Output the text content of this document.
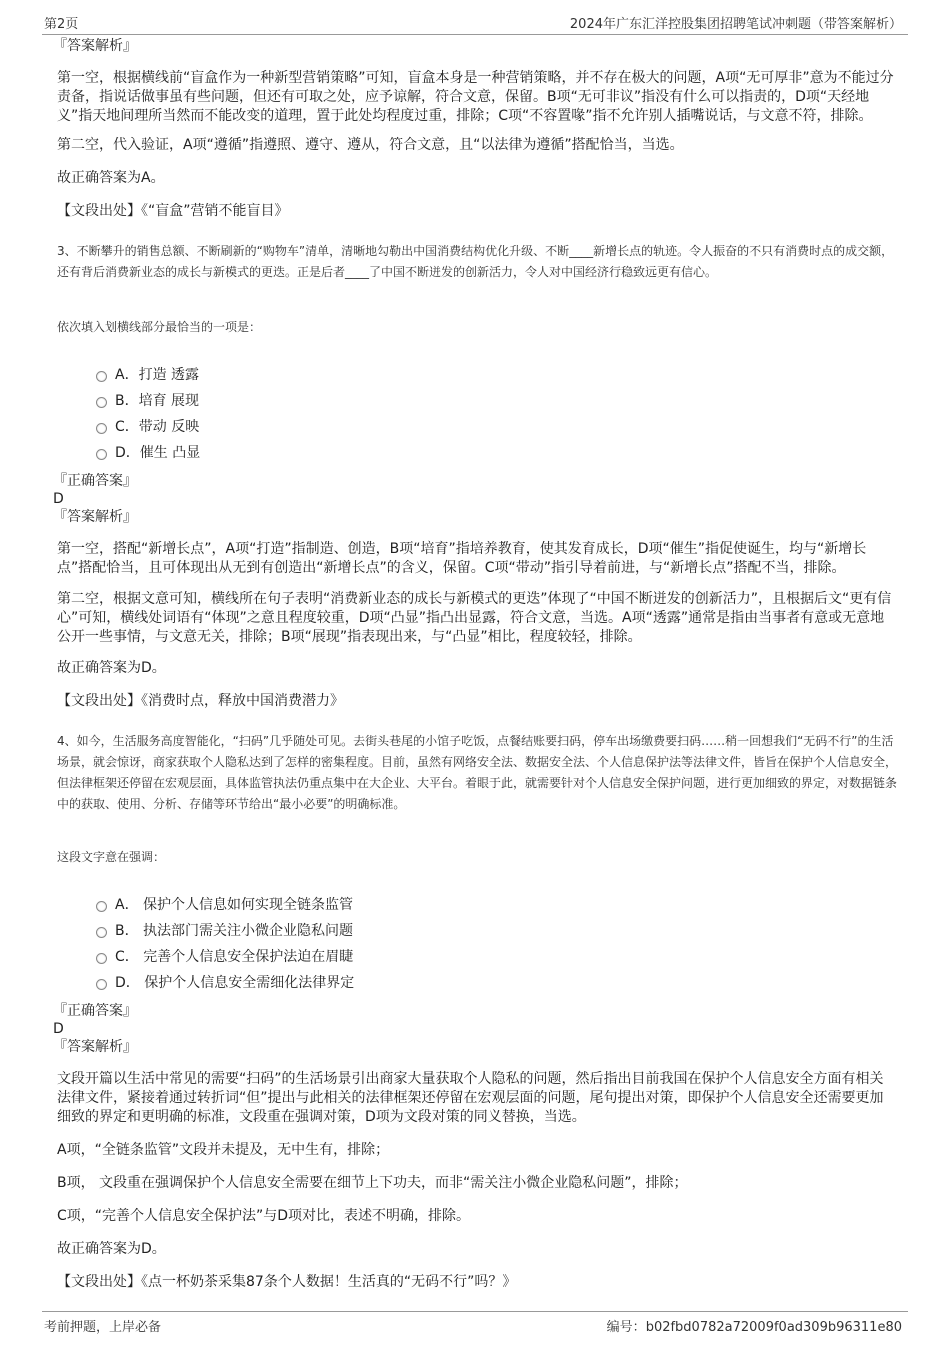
第2页	2024年广东汇洋控股集团招聘笔试冲刺题（带答案解析）
『答案解析』

第一空，根据横线前“盲盒作为一种新型营销策略”可知，盲盒本身是一种营销策略，并不存在极大的问题，A项“无可厚非”意为不能过分责备，指说话做事虽有些问题，但还有可取之处，应予谅解，符合文意，保留。B项“无可非议”指没有什么可以指责的，D项“天经地义”指天地间理所当然而不能改变的道理，置于此处均程度过重，排除；C项“不容置喙”指不允许别人插嘴说话，与文意不符，排除。

第二空，代入验证，A项“遵循”指遵照、遵守、遵从，符合文意，且“以法律为遵循”搭配恰当，当选。

故正确答案为A。

【文段出处】《“盲盒”营销不能盲目》

3、不断攀升的销售总额、不断刷新的“购物车”清单，清晰地勾勒出中国消费结构优化升级、不断____新增长点的轨迹。令人振奋的不只有消费时点的成交额，还有背后消费新业态的成长与新模式的更迭。正是后者____了中国不断迸发的创新活力，令人对中国经济行稳致远更有信心。

依次填入划横线部分最恰当的一项是：

A．打造 透露
B．培育 展现
C．带动 反映
D．催生 凸显
『正确答案』
D
『答案解析』

第一空，搭配“新增长点”，A项“打造”指制造、创造，B项“培育”指培养教育，使其发育成长，D项“催生”指促使诞生，均与“新增长点”搭配恰当，且可体现出从无到有创造出“新增长点”的含义，保留。C项“带动”指引导着前进，与“新增长点”搭配不当，排除。

第二空，根据文意可知，横线所在句子表明“消费新业态的成长与新模式的更迭”体现了“中国不断迸发的创新活力”，且根据后文“更有信心”可知，横线处词语有“体现”之意且程度较重，D项“凸显”指凸出显露，符合文意，当选。A项“透露”通常是指由当事者有意或无意地公开一些事情，与文意无关，排除；B项“展现”指表现出来，与“凸显”相比，程度较轻，排除。

故正确答案为D。

【文段出处】《消费时点，释放中国消费潜力》

4、如今，生活服务高度智能化，“扫码”几乎随处可见。去街头巷尾的小馆子吃饭，点餐结账要扫码，停车出场缴费要扫码……稍一回想我们“无码不行”的生活场景，就会惊讶，商家获取个人隐私达到了怎样的密集程度。目前，虽然有网络安全法、数据安全法、个人信息保护法等法律文件，皆旨在保护个人信息安全，但法律框架还停留在宏观层面，具体监管执法仍重点集中在大企业、大平台。着眼于此，就需要针对个人信息安全保护问题，进行更加细致的界定，对数据链条中的获取、使用、分析、存储等环节给出“最小必要”的明确标准。

这段文字意在强调：

A． 保护个人信息如何实现全链条监管
B． 执法部门需关注小微企业隐私问题
C． 完善个人信息安全保护法迫在眉睫
D． 保护个人信息安全需细化法律界定
『正确答案』
D
『答案解析』

文段开篇以生活中常见的需要“扫码”的生活场景引出商家大量获取个人隐私的问题，然后指出目前我国在保护个人信息安全方面有相关法律文件，紧接着通过转折词“但”提出与此相关的法律框架还停留在宏观层面的问题，尾句提出对策，即保护个人信息安全还需要更加细致的界定和更明确的标准，文段重在强调对策，D项为文段对策的同义替换，当选。

A项，“全链条监管”文段并未提及，无中生有，排除；

B项， 文段重在强调保护个人信息安全需要在细节上下功夫，而非“需关注小微企业隐私问题”，排除；

C项，“完善个人信息安全保护法”与D项对比，表述不明确，排除。

故正确答案为D。

【文段出处】《点一杯奶茶采集87条个人数据！生活真的“无码不行”吗？》

考前押题，上岸必备	编号：b02fbd0782a72009f0ad309b96311e80
